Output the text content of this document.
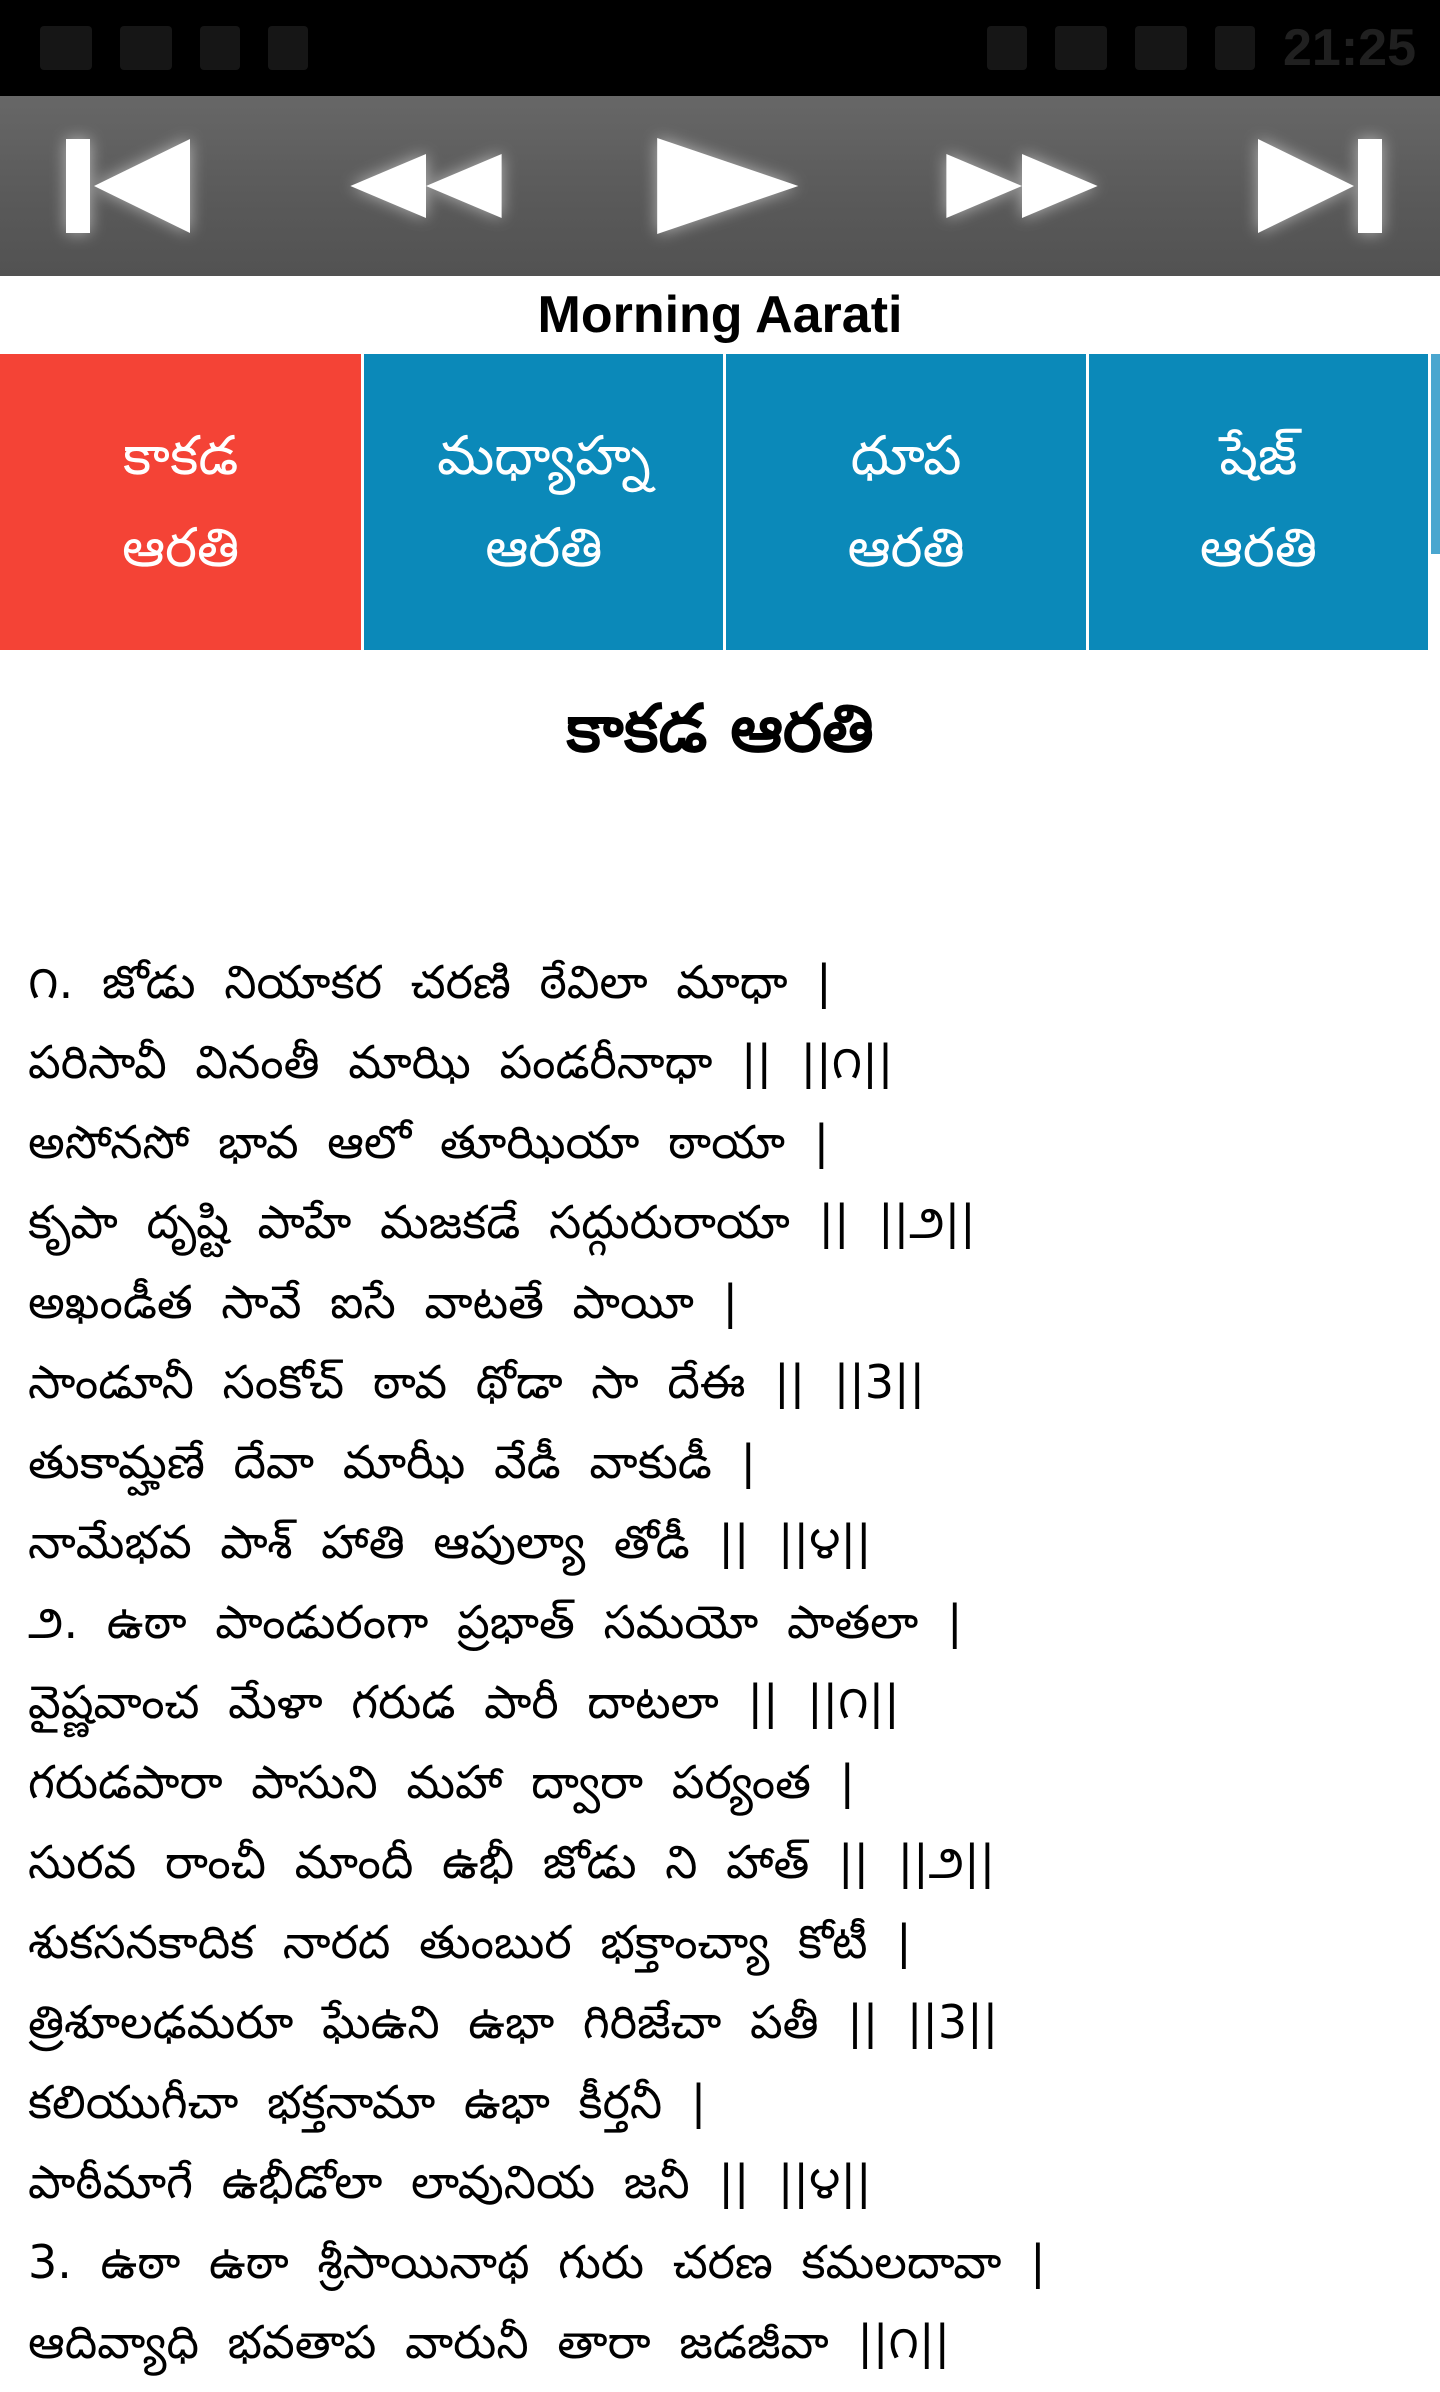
21:25
Morning Aarati
కాకడ
ఆరతి
మధ్యాహ్న
ఆరతి
ధూప
ఆరతి
షేజ్
ఆరతి
కాకడ ఆరతి
౧. జోడు నియాకర చరణి ఠేవిలా మాధా |
పరిసావీ వినంతీ మాఝి పండరీనాధా || ||౧||
అసోనసో భావ ఆలో తూఝియా ఠాయా |
కృపా దృష్టి పాహే మజకడే సద్గురురాయా || ||౨||
అఖండీత సావే ఐసే వాటతే పాయీ |
సాండూనీ సంకోచ్ ఠావ థోడా సా దేఈ || ||3||
తుకామ్హణే దేవా మాఝీ వేడీ వాకుడీ |
నామేభవ పాశ్ హాతి ఆపుల్యా తోడీ || ||౪||
౨. ఉఠా పాండురంగా ప్రభాత్ సమయో పాతలా |
వైష్ణవాంచ మేళా గరుడ పారీ దాటలా || ||౧||
గరుడపారా పాసుని మహా ద్వారా పర్యంత |
సురవ రాంచీ మాందీ ఉభీ జోడు ని హాత్ || ||౨||
శుకసనకాదిక నారద తుంబుర భక్తాంచ్యా కోటీ |
త్రిశూలఢమరూ ఘేఉని ఉభా గిరిజేచా పతీ || ||3||
కలియుగీచా భక్తనామా ఉభా కీర్తనీ |
పాఠీమాగే ఉభీడోలా లావునియ జనీ || ||౪||
3. ఉఠా ఉఠా శ్రీసాయినాథ గురు చరణ కమలదావా |
ఆదివ్యాధి భవతాప వారునీ తారా జడజీవా ||౧||
